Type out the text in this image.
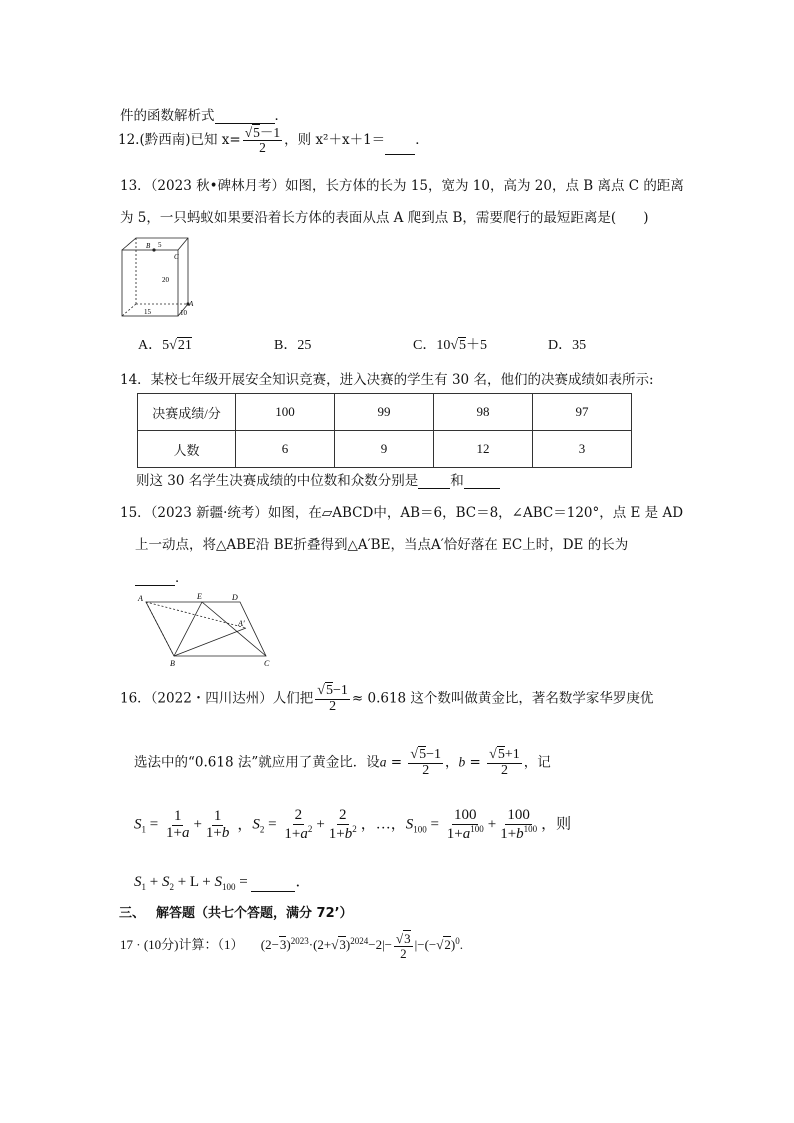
件的函数解析式	．
12.(黔西南)已知 $x= \frac{√5-1}{2}$ ，则 x²＋x＋1＝ ．
13．（2023 秋•碑林月考）如图，长方体的长为 15，宽为 10，高为 20，点 B 离点 C 的距离
为 5，一只蚂蚁如果要沿着长方体的表面从点 A 爬到点 B，需要爬行的最短距离是(　　)
B 5
C
20
A
10
15
A．5√21	B．25	C．10√5＋5	D．35
14．某校七年级开展安全知识竞赛，进入决赛的学生有 30 名，他们的决赛成绩如表所示:
决赛成绩/分	100	99	98	97
人数	6	9	12	3
则这 30 名学生决赛成绩的中位数和众数分别是 和
15．（2023 新疆·统考）如图，在▱ABCD中，AB＝6，BC＝8，∠ABC＝120°，点 E 是 AD
上一动点，将△ABE沿 BE折叠得到△A′BE，当点A′恰好落在 EC上时，DE 的长为
．
A	E	D
A′
B	C
16．（2022・四川达州）人们把 $\frac{√5-1}{2} \approx 0.618$ 这个数叫做黄金比，著名数学家华罗庚优
选法中的“0.618 法”就应用了黄金比．设$a = \frac{√5-1}{2}$ ，$b = \frac{√5+1}{2}$ ，记
$S_1 = \frac{1}{1+a} + \frac{1}{1+b}$ ，$S_2 = \frac{2}{1+a^2} + \frac{2}{1+b^2}$ ，…，$S_{100} = \frac{100}{1+a^{100}} + \frac{100}{1+b^{100}}$ ，则
$S_1 + S_2 + L + S_{100}$ =	．
三、　 解答题（共七个答题，满分 72’）
17 · (10分)计算：（1） $(2-3)^{2023}\cdot(2+√3)^{2024}-2|- \frac{√3}{2} |-(-√2)^0$.
